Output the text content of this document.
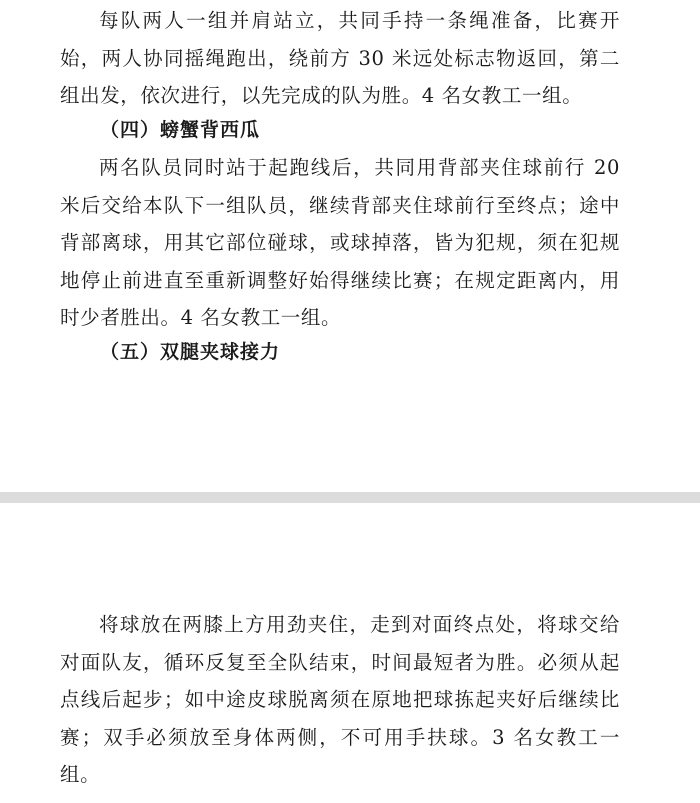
每队两人一组并肩站立，共同手持一条绳准备，比赛开始，两人协同摇绳跑出，绕前方 30 米远处标志物返回，第二组出发，依次进行，以先完成的队为胜。4 名女教工一组。

（四）螃蟹背西瓜

两名队员同时站于起跑线后，共同用背部夹住球前行 20 米后交给本队下一组队员，继续背部夹住球前行至终点；途中背部离球，用其它部位碰球，或球掉落，皆为犯规，须在犯规地停止前进直至重新调整好始得继续比赛；在规定距离内，用时少者胜出。4 名女教工一组。

（五）双腿夹球接力

将球放在两膝上方用劲夹住，走到对面终点处，将球交给对面队友，循环反复至全队结束，时间最短者为胜。必须从起点线后起步；如中途皮球脱离须在原地把球拣起夹好后继续比赛；双手必须放至身体两侧，不可用手扶球。3 名女教工一组。
